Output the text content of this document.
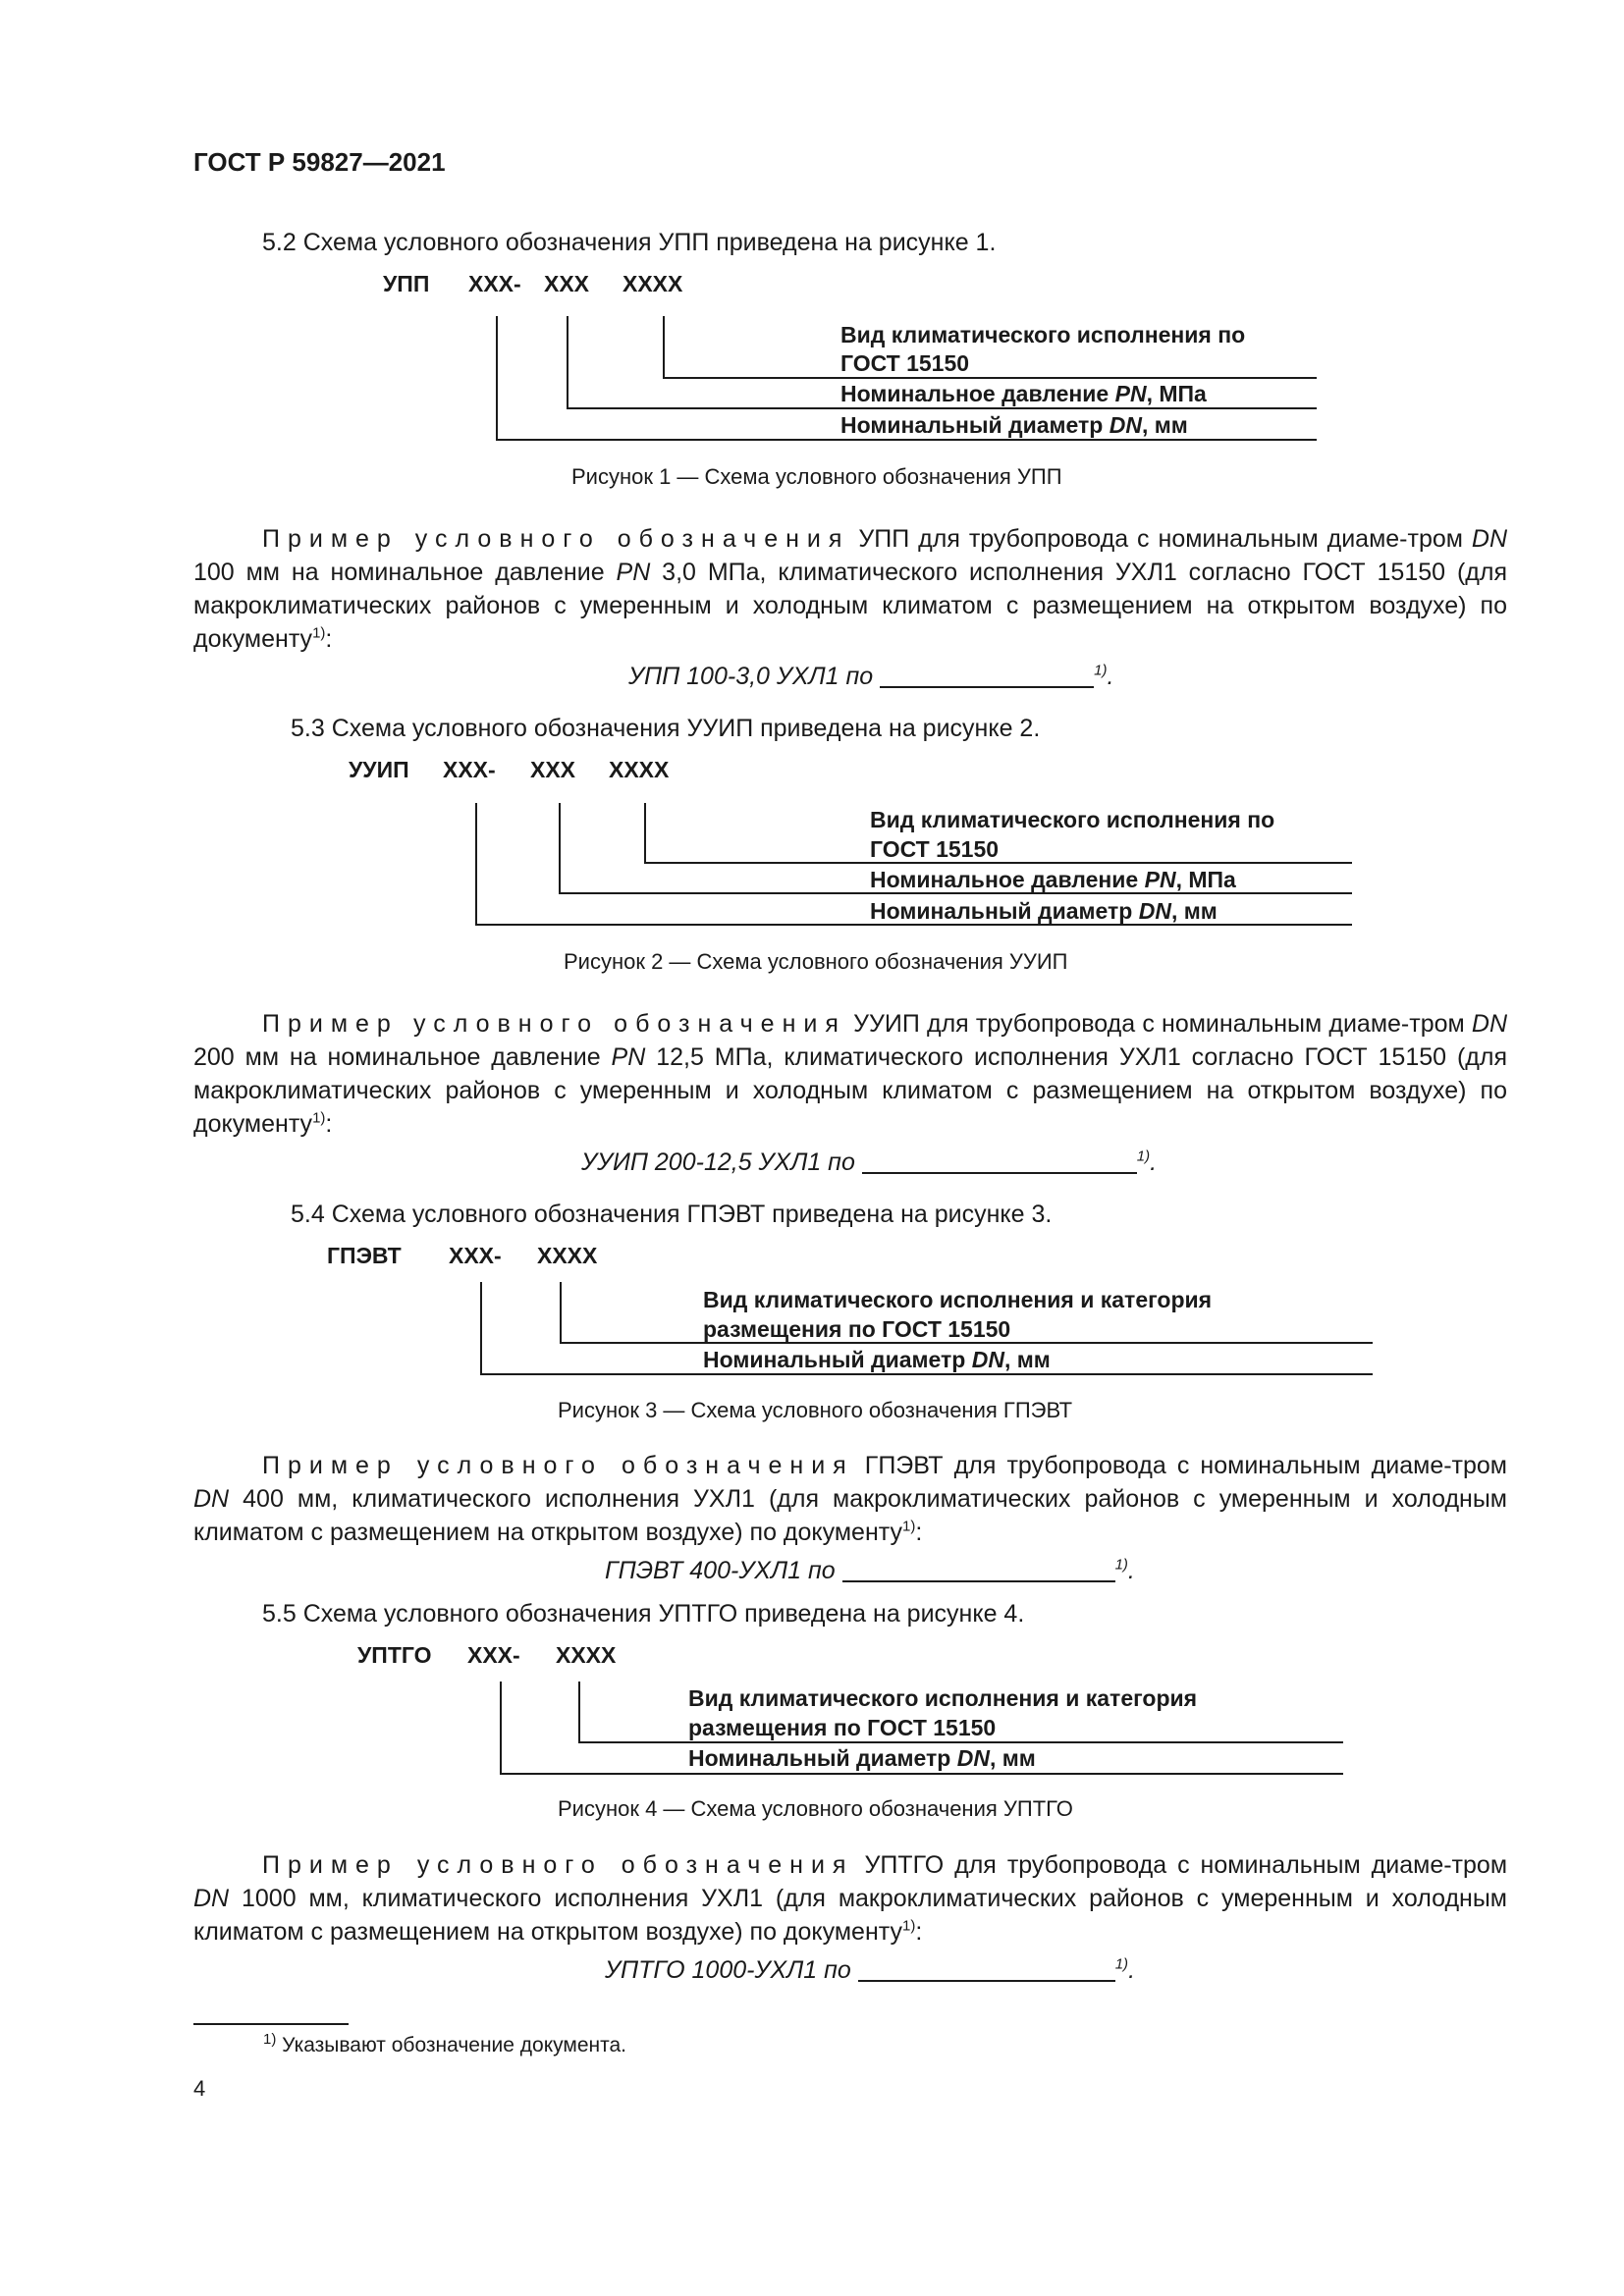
ГОСТ Р 59827—2021
5.2 Схема условного обозначения УПП приведена на рисунке 1.
УПП ХХХ- ХХХ ХХХХ
Вид климатического исполнения по
ГОСТ 15150
Номинальное давление PN, МПа
Номинальный диаметр DN, мм
Рисунок 1 — Схема условного обозначения УПП
Пример условного обозначения УПП для трубопровода с номинальным диаме-тром DN 100 мм на номинальное давление PN 3,0 МПа, климатического исполнения УХЛ1 согласно ГОСТ 15150 (для макроклиматических районов с умеренным и холодным климатом с размещением на открытом воздухе) по документу$^{1)}$:
УПП 100-3,0 УХЛ1 по	$^{1)}$.
5.3 Схема условного обозначения УУИП приведена на рисунке 2.
УУИП ХХХ- ХХХ ХХХХ
Вид климатического исполнения по
ГОСТ 15150
Номинальное давление PN, МПа
Номинальный диаметр DN, мм
Рисунок 2 — Схема условного обозначения УУИП
Пример условного обозначения УУИП для трубопровода с номинальным диаме-тром DN 200 мм на номинальное давление PN 12,5 МПа, климатического исполнения УХЛ1 согласно ГОСТ 15150 (для макроклиматических районов с умеренным и холодным климатом с размещением на открытом воздухе) по документу$^{1)}$:
УУИП 200-12,5 УХЛ1 по	$^{1)}$.
5.4 Схема условного обозначения ГПЭВТ приведена на рисунке 3.
ГПЭВТ ХХХ- ХХХХ
Вид климатического исполнения и категория
размещения по ГОСТ 15150
Номинальный диаметр DN, мм
Рисунок 3 — Схема условного обозначения ГПЭВТ
Пример условного обозначения ГПЭВТ для трубопровода с номинальным диаме-тром DN 400 мм, климатического исполнения УХЛ1 (для макроклиматических районов с умеренным и холодным климатом с размещением на открытом воздухе) по документу$^{1)}$:
ГПЭВТ 400-УХЛ1 по	$^{1)}$.
5.5 Схема условного обозначения УПТГО приведена на рисунке 4.
УПТГО ХХХ- ХХХХ
Вид климатического исполнения и категория
размещения по ГОСТ 15150
Номинальный диаметр DN, мм
Рисунок 4 — Схема условного обозначения УПТГО
Пример условного обозначения УПТГО для трубопровода с номинальным диаме-тром DN 1000 мм, климатического исполнения УХЛ1 (для макроклиматических районов с умеренным и холодным климатом с размещением на открытом воздухе) по документу$^{1)}$:
УПТГО 1000-УХЛ1 по	$^{1)}$.
$^{1)}$ Указывают обозначение документа.
4
